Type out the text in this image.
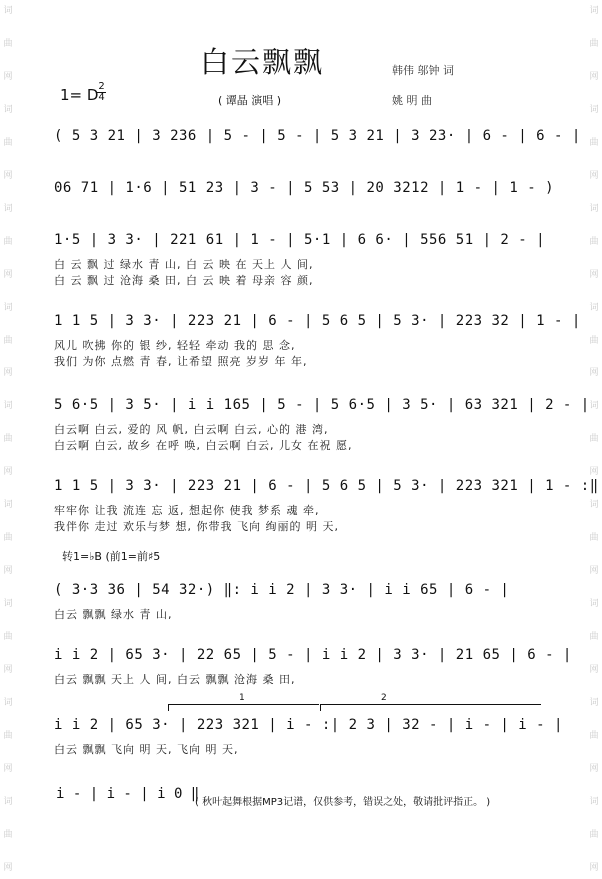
词
曲
网
词
曲
网
词
曲
网
词
曲
网
词
曲
网
词
曲
网
词
曲
网
词
曲
网
词
曲
网
词
曲
网
词
曲
网
词
曲
网
词
曲
网
词
曲
网
词
曲
网
词
曲
网
词
曲
网
词
曲
网
白云飘飘	韩伟 邬钟 词
姚 明 曲
1= D 2
4	( 谭晶 演唱 )
( 5 3 21 | 3 236 | 5 - | 5 - | 5 3 21 | 3 23· | 6 - | 6 - |
06 71 | 1·6 | 51 23 | 3 - | 5 53 | 20 3212 | 1 - | 1 - )
1·5 | 3 3· | 221 61 | 1 - | 5·1 | 6 6· | 556 51 | 2 - |
白 云 飘 过 绿水 青 山, 白 云 映 在 天上 人 间,
白 云 飘 过 沧海 桑 田, 白 云 映 着 母亲 容 颜,
1 1 5 | 3 3· | 223 21 | 6 - | 5 6 5 | 5 3· | 223 32 | 1 - |
风儿 吹拂 你的 银 纱, 轻轻 牵动 我的 思 念,
我们 为你 点燃 青 春, 让希望 照亮 岁岁 年 年,
5 6·5 | 3 5· | i i 165 | 5 - | 5 6·5 | 3 5· | 63 321 | 2 - |
白云啊 白云, 爱的 风 帆, 白云啊 白云, 心的 港 湾,
白云啊 白云, 故乡 在呼 唤, 白云啊 白云, 儿女 在祝 愿,
1 1 5 | 3 3· | 223 21 | 6 - | 5 6 5 | 5 3· | 223 321 | 1 - :‖
牢牢你 让我 流连 忘 返, 想起你 使我 梦系 魂 牵,
我伴你 走过 欢乐与梦 想, 你带我 飞向 绚丽的 明 天,
转1=♭B (前1=前♯5
( 3·3 36 | 54 32·) ‖: i i 2 | 3 3· | i i 65 | 6 - |
白云 飘飘 绿水 青 山,
i i 2 | 65 3· | 22 65 | 5 - | i i 2 | 3 3· | 21 65 | 6 - |
白云 飘飘 天上 人 间, 白云 飘飘 沧海 桑 田,
1	2
i i 2 | 65 3· | 223 321 | i - :| 2 3 | 32 - | i - | i - |
白云 飘飘 飞向 明 天, 飞向 明 天,
i - | i - | i 0 ‖
( 秋叶起舞根据MP3记谱，仅供参考，错误之处，敬请批评指正。 )
